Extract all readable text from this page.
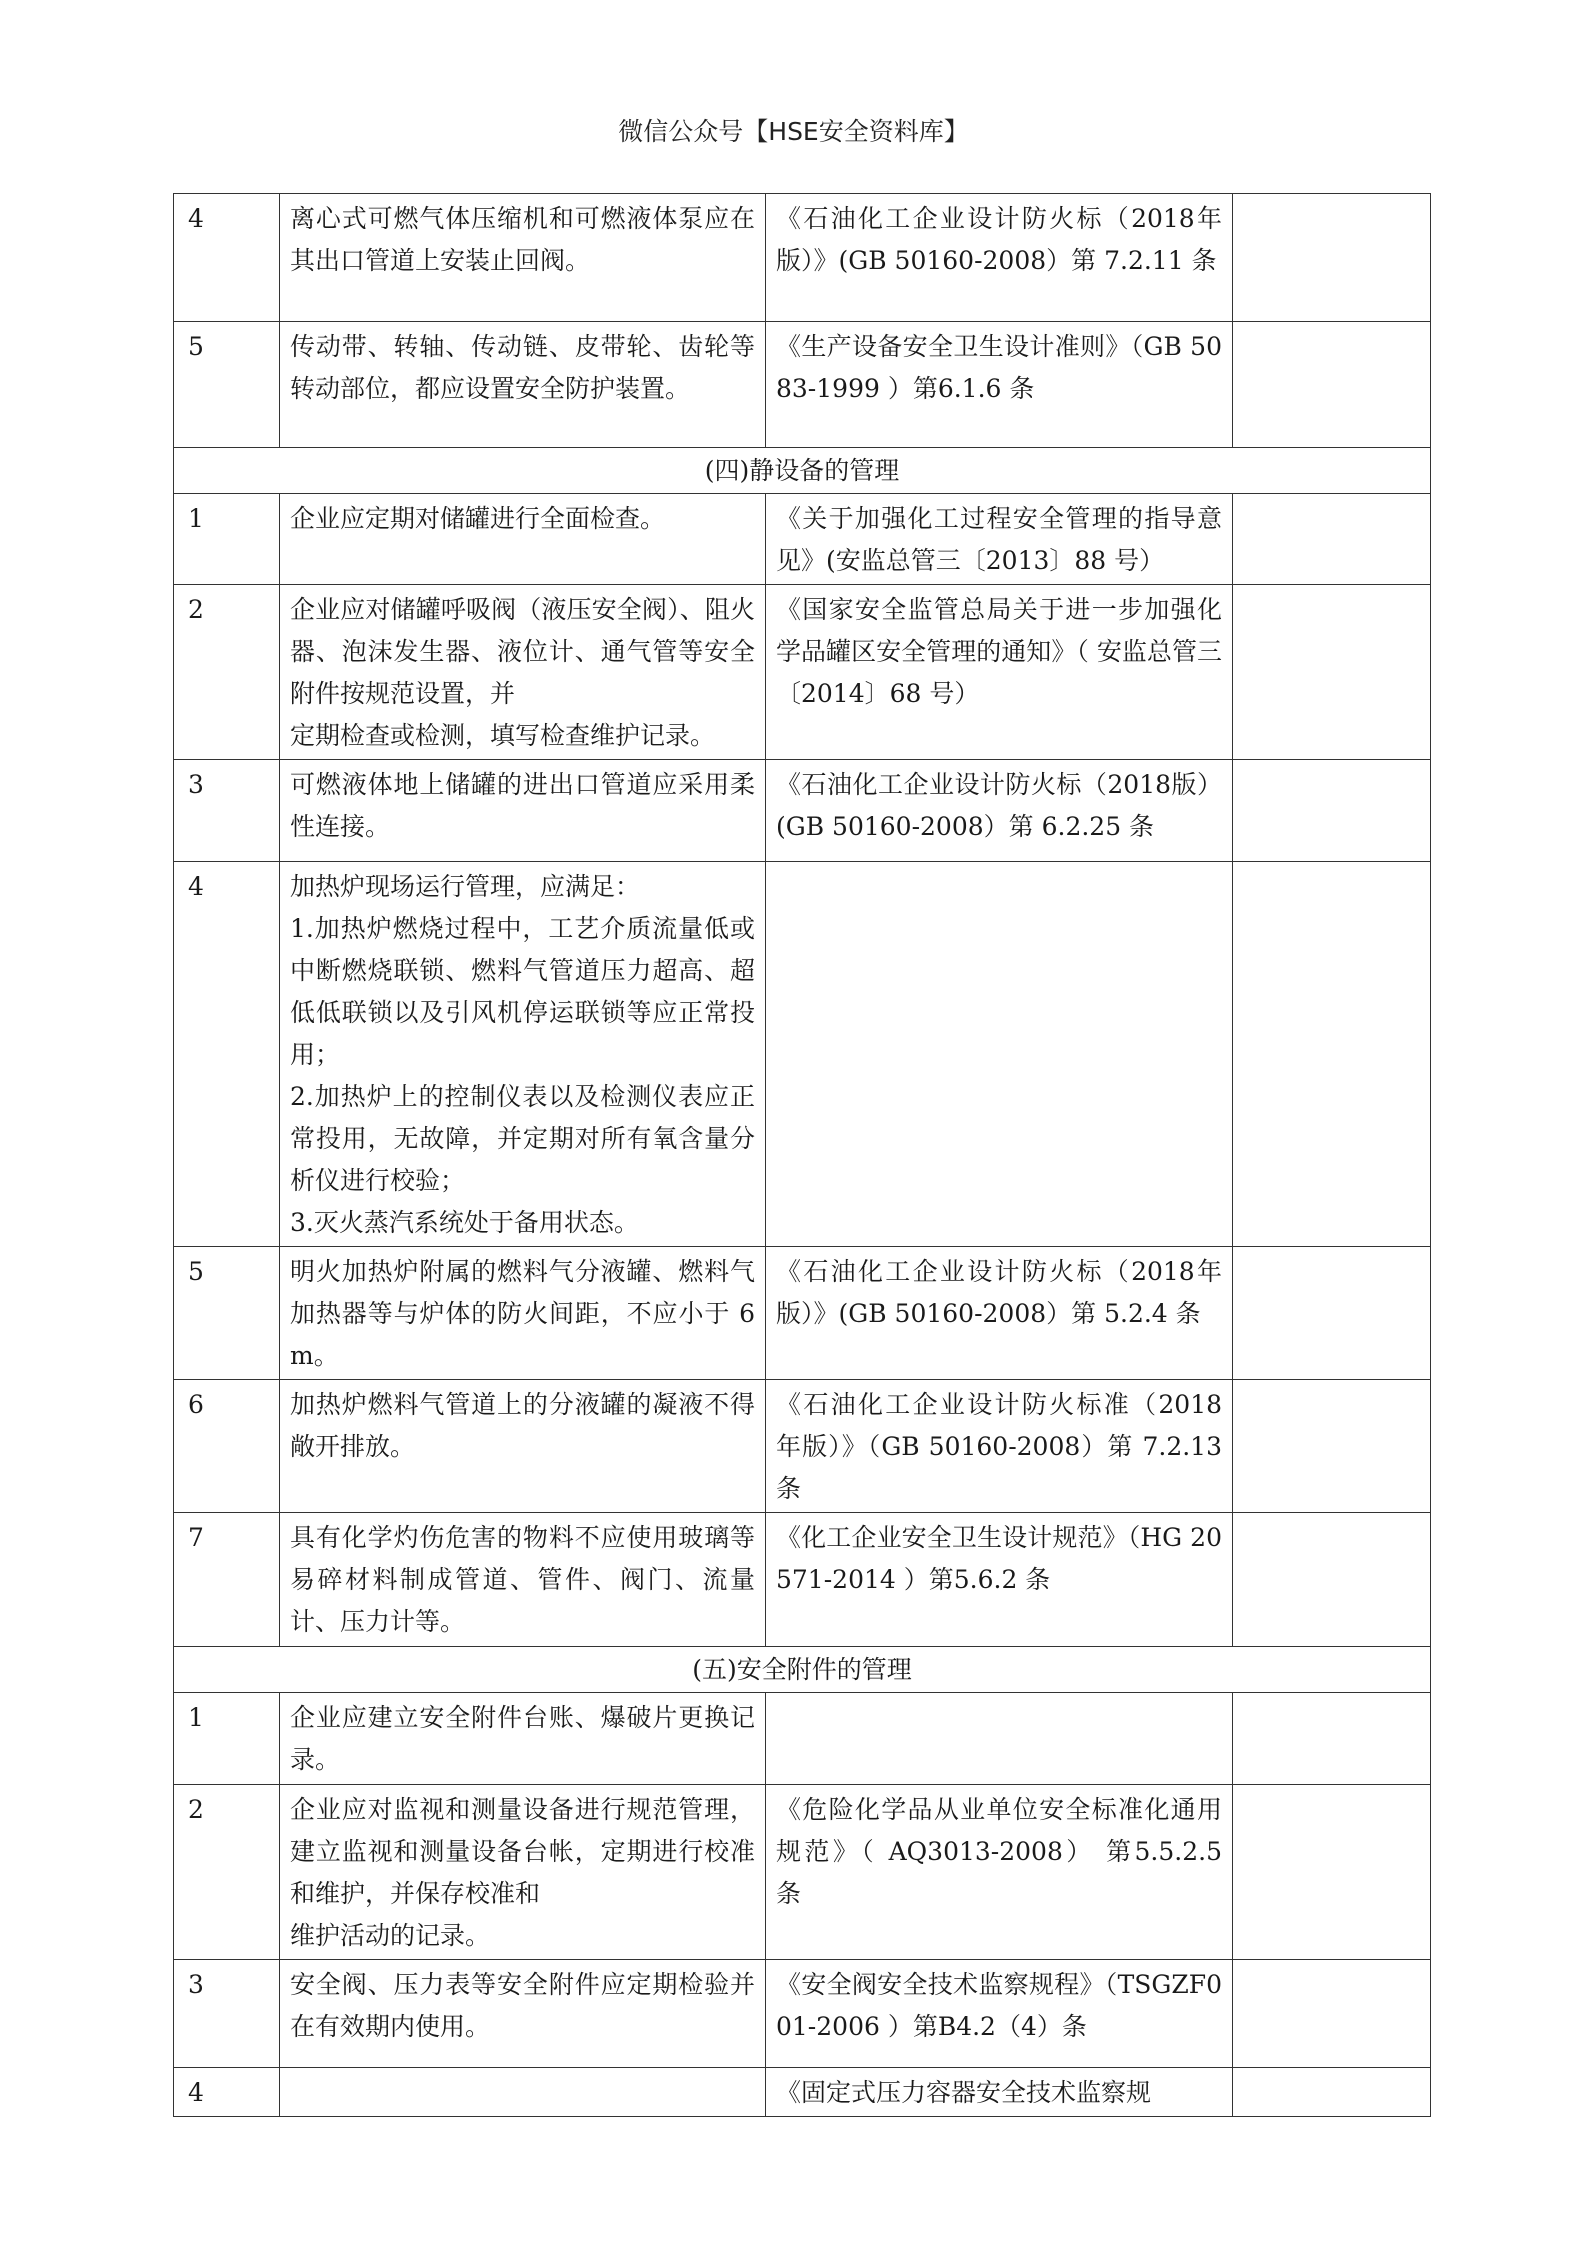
微信公众号【HSE安全资料库】
4	离心式可燃气体压缩机和可燃液体泵应在其出口管道上安装止回阀。	《石油化工企业设计防火标（2018年版）》(GB 50160-2008）第 7.2.11 条	

5	传动带、转轴、传动链、皮带轮、齿轮等转动部位，都应设置安全防护装置。	《生产设备安全卫生设计准则》（GB 5083-1999 ）第6.1.6 条	

(四)静设备的管理			
1	企业应定期对储罐进行全面检查。	《关于加强化工过程安全管理的指导意见》(安监总管三〔2013〕88 号）	

2	企业应对储罐呼吸阀（液压安全阀）、阻火器、泡沫发生器、液位计、通气管等安全附件按规范设置，并
定期检查或检测，填写检查维护记录。	《国家安全监管总局关于进一步加强化学品罐区安全管理的通知》（ 安监总管三〔2014〕68 号）	

3	可燃液体地上储罐的进出口管道应采用柔性连接。	《石油化工企业设计防火标（2018版）(GB 50160-2008）第 6.2.25 条	

4	加热炉现场运行管理，应满足：
1.加热炉燃烧过程中，工艺介质流量低或中断燃烧联锁、燃料气管道压力超高、超低低联锁以及引风机停运联锁等应正常投用；
2.加热炉上的控制仪表以及检测仪表应正常投用，无故障，并定期对所有氧含量分析仪进行校验；
3.灭火蒸汽系统处于备用状态。		

5	明火加热炉附属的燃料气分液罐、燃料气加热器等与炉体的防火间距，不应小于 6m。	《石油化工企业设计防火标（2018年版）》(GB 50160-2008）第 5.2.4 条	

6	加热炉燃料气管道上的分液罐的凝液不得敞开排放。	《石油化工企业设计防火标准（2018 年版）》（GB 50160-2008）第 7.2.13 条	

7	具有化学灼伤危害的物料不应使用玻璃等易碎材料制成管道、管件、阀门、流量计、压力计等。	《化工企业安全卫生设计规范》（HG 20571-2014 ）第5.6.2 条	

(五)安全附件的管理			
1	企业应建立安全附件台账、爆破片更换记录。		

2	企业应对监视和测量设备进行规范管理，建立监视和测量设备台帐，定期进行校准和维护，并保存校准和
维护活动的记录。	《危险化学品从业单位安全标准化通用规范》（ AQ3013-2008） 第5.5.2.5 条	

3	安全阀、压力表等安全附件应定期检验并在有效期内使用。	《安全阀安全技术监察规程》（TSGZF001-2006 ）第B4.2（4）条	

4		《固定式压力容器安全技术监察规	
